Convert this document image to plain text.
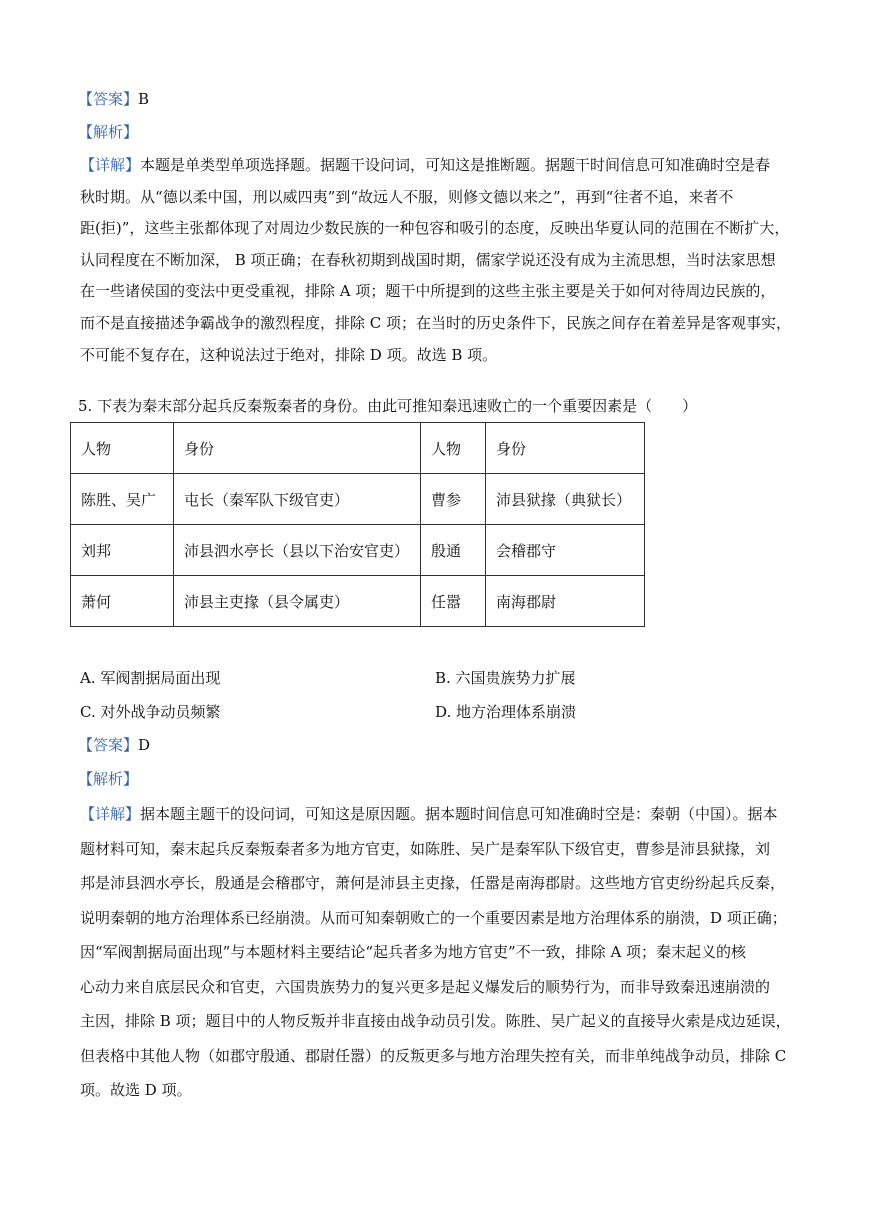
【答案】B
【解析】
【详解】本题是单类型单项选择题。据题干设问词，可知这是推断题。据题干时间信息可知准确时空是春
秋时期。从“德以柔中国，刑以威四夷”到“故远人不服，则修文德以来之”，再到“往者不追，来者不
距(拒)”，这些主张都体现了对周边少数民族的一种包容和吸引的态度，反映出华夏认同的范围在不断扩大，
认同程度在不断加深， B 项正确；在春秋初期到战国时期，儒家学说还没有成为主流思想，当时法家思想
在一些诸侯国的变法中更受重视，排除 A 项；题干中所提到的这些主张主要是关于如何对待周边民族的，
而不是直接描述争霸战争的激烈程度，排除 C 项；在当时的历史条件下，民族之间存在着差异是客观事实，
不可能不复存在，这种说法过于绝对，排除 D 项。故选 B 项。
5. 下表为秦末部分起兵反秦叛秦者的身份。由此可推知秦迅速败亡的一个重要因素是（　　）
人物	身份	人物	身份
陈胜、吴广	屯长（秦军队下级官吏）	曹参	沛县狱掾（典狱长）
刘邦	沛县泗水亭长（县以下治安官吏）	殷通	会稽郡守
萧何	沛县主吏掾（县令属吏）	任嚣	南海郡尉
A. 军阀割据局面出现	B. 六国贵族势力扩展
C. 对外战争动员频繁	D. 地方治理体系崩溃
【答案】D
【解析】
【详解】据本题主题干的设问词，可知这是原因题。据本题时间信息可知准确时空是：秦朝（中国）。据本
题材料可知，秦末起兵反秦叛秦者多为地方官吏，如陈胜、吴广是秦军队下级官吏，曹参是沛县狱掾，刘
邦是沛县泗水亭长，殷通是会稽郡守，萧何是沛县主吏掾，任嚣是南海郡尉。这些地方官吏纷纷起兵反秦，
说明秦朝的地方治理体系已经崩溃。从而可知秦朝败亡的一个重要因素是地方治理体系的崩溃，D 项正确；
因“军阀割据局面出现”与本题材料主要结论“起兵者多为地方官吏”不一致，排除 A 项；秦末起义的核
心动力来自底层民众和官吏，六国贵族势力的复兴更多是起义爆发后的顺势行为，而非导致秦迅速崩溃的
主因，排除 B 项；题目中的人物反叛并非直接由战争动员引发。陈胜、吴广起义的直接导火索是戍边延误，
但表格中其他人物（如郡守殷通、郡尉任嚣）的反叛更多与地方治理失控有关，而非单纯战争动员，排除 C
项。故选 D 项。
